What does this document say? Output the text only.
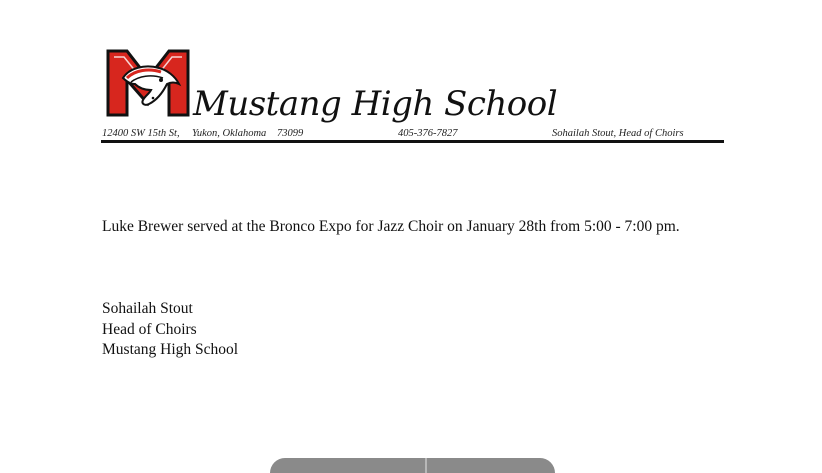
Mustang High School
12400 SW 15th St, Yukon, Oklahoma 73099	405-376-7827	Sohailah Stout, Head of Choirs
Luke Brewer served at the Bronco Expo for Jazz Choir on January 28th from 5:00 - 7:00 pm.
Sohailah Stout
Head of Choirs
Mustang High School
